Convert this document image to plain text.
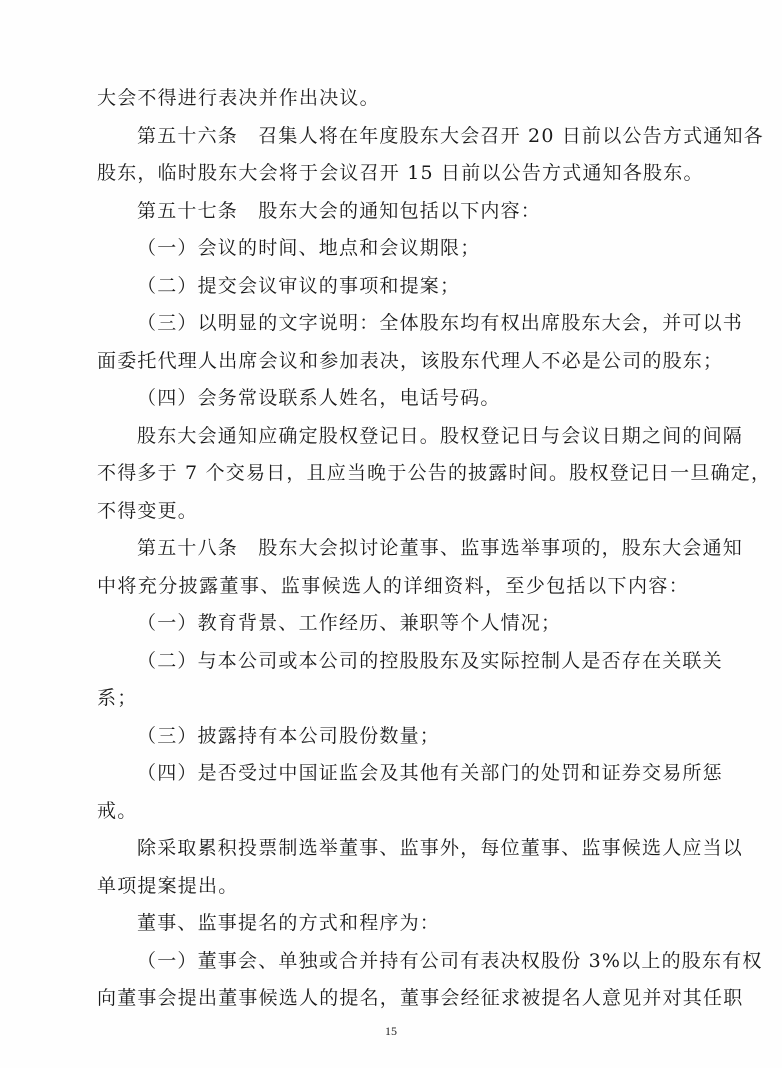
大会不得进行表决并作出决议。
第五十六条　召集人将在年度股东大会召开 20 日前以公告方式通知各
股东，临时股东大会将于会议召开 15 日前以公告方式通知各股东。
第五十七条　股东大会的通知包括以下内容：
（一）会议的时间、地点和会议期限；
（二）提交会议审议的事项和提案；
（三）以明显的文字说明：全体股东均有权出席股东大会，并可以书
面委托代理人出席会议和参加表决，该股东代理人不必是公司的股东；
（四）会务常设联系人姓名，电话号码。
股东大会通知应确定股权登记日。股权登记日与会议日期之间的间隔
不得多于 7 个交易日，且应当晚于公告的披露时间。股权登记日一旦确定，
不得变更。
第五十八条　股东大会拟讨论董事、监事选举事项的，股东大会通知
中将充分披露董事、监事候选人的详细资料，至少包括以下内容：
（一）教育背景、工作经历、兼职等个人情况；
（二）与本公司或本公司的控股股东及实际控制人是否存在关联关
系；
（三）披露持有本公司股份数量；
（四）是否受过中国证监会及其他有关部门的处罚和证券交易所惩
戒。
除采取累积投票制选举董事、监事外，每位董事、监事候选人应当以
单项提案提出。
董事、监事提名的方式和程序为：
（一）董事会、单独或合并持有公司有表决权股份 3%以上的股东有权
向董事会提出董事候选人的提名，董事会经征求被提名人意见并对其任职
15
